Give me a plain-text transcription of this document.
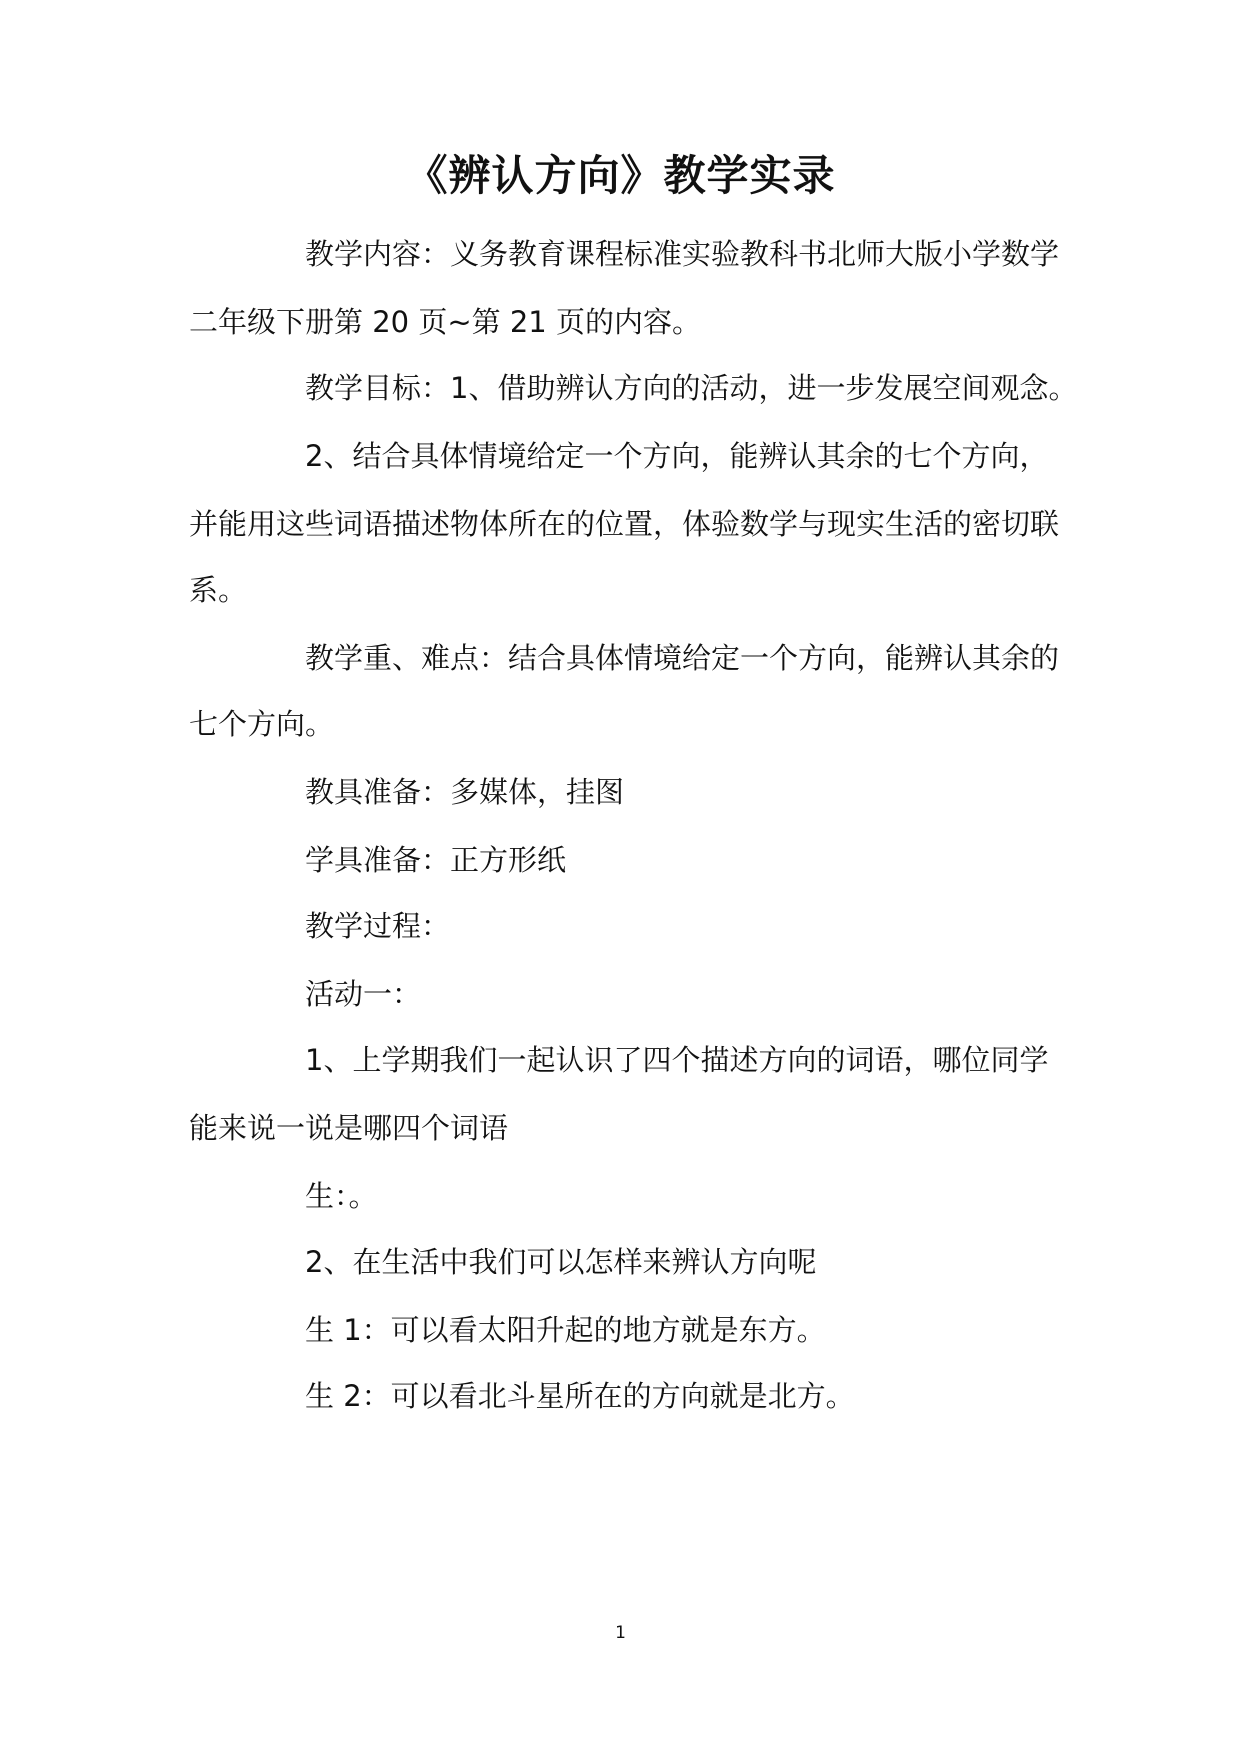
《辨认方向》教学实录
教学内容：义务教育课程标准实验教科书北师大版小学数学
二年级下册第 20 页~第 21 页的内容。
教学目标：1、借助辨认方向的活动，进一步发展空间观念。
2、结合具体情境给定一个方向，能辨认其余的七个方向，
并能用这些词语描述物体所在的位置，体验数学与现实生活的密切联
系。
教学重、难点：结合具体情境给定一个方向，能辨认其余的
七个方向。
教具准备：多媒体，挂图
学具准备：正方形纸
教学过程：
活动一：
1、上学期我们一起认识了四个描述方向的词语，哪位同学
能来说一说是哪四个词语
生：。
2、在生活中我们可以怎样来辨认方向呢
生 1：可以看太阳升起的地方就是东方。
生 2：可以看北斗星所在的方向就是北方。
1
